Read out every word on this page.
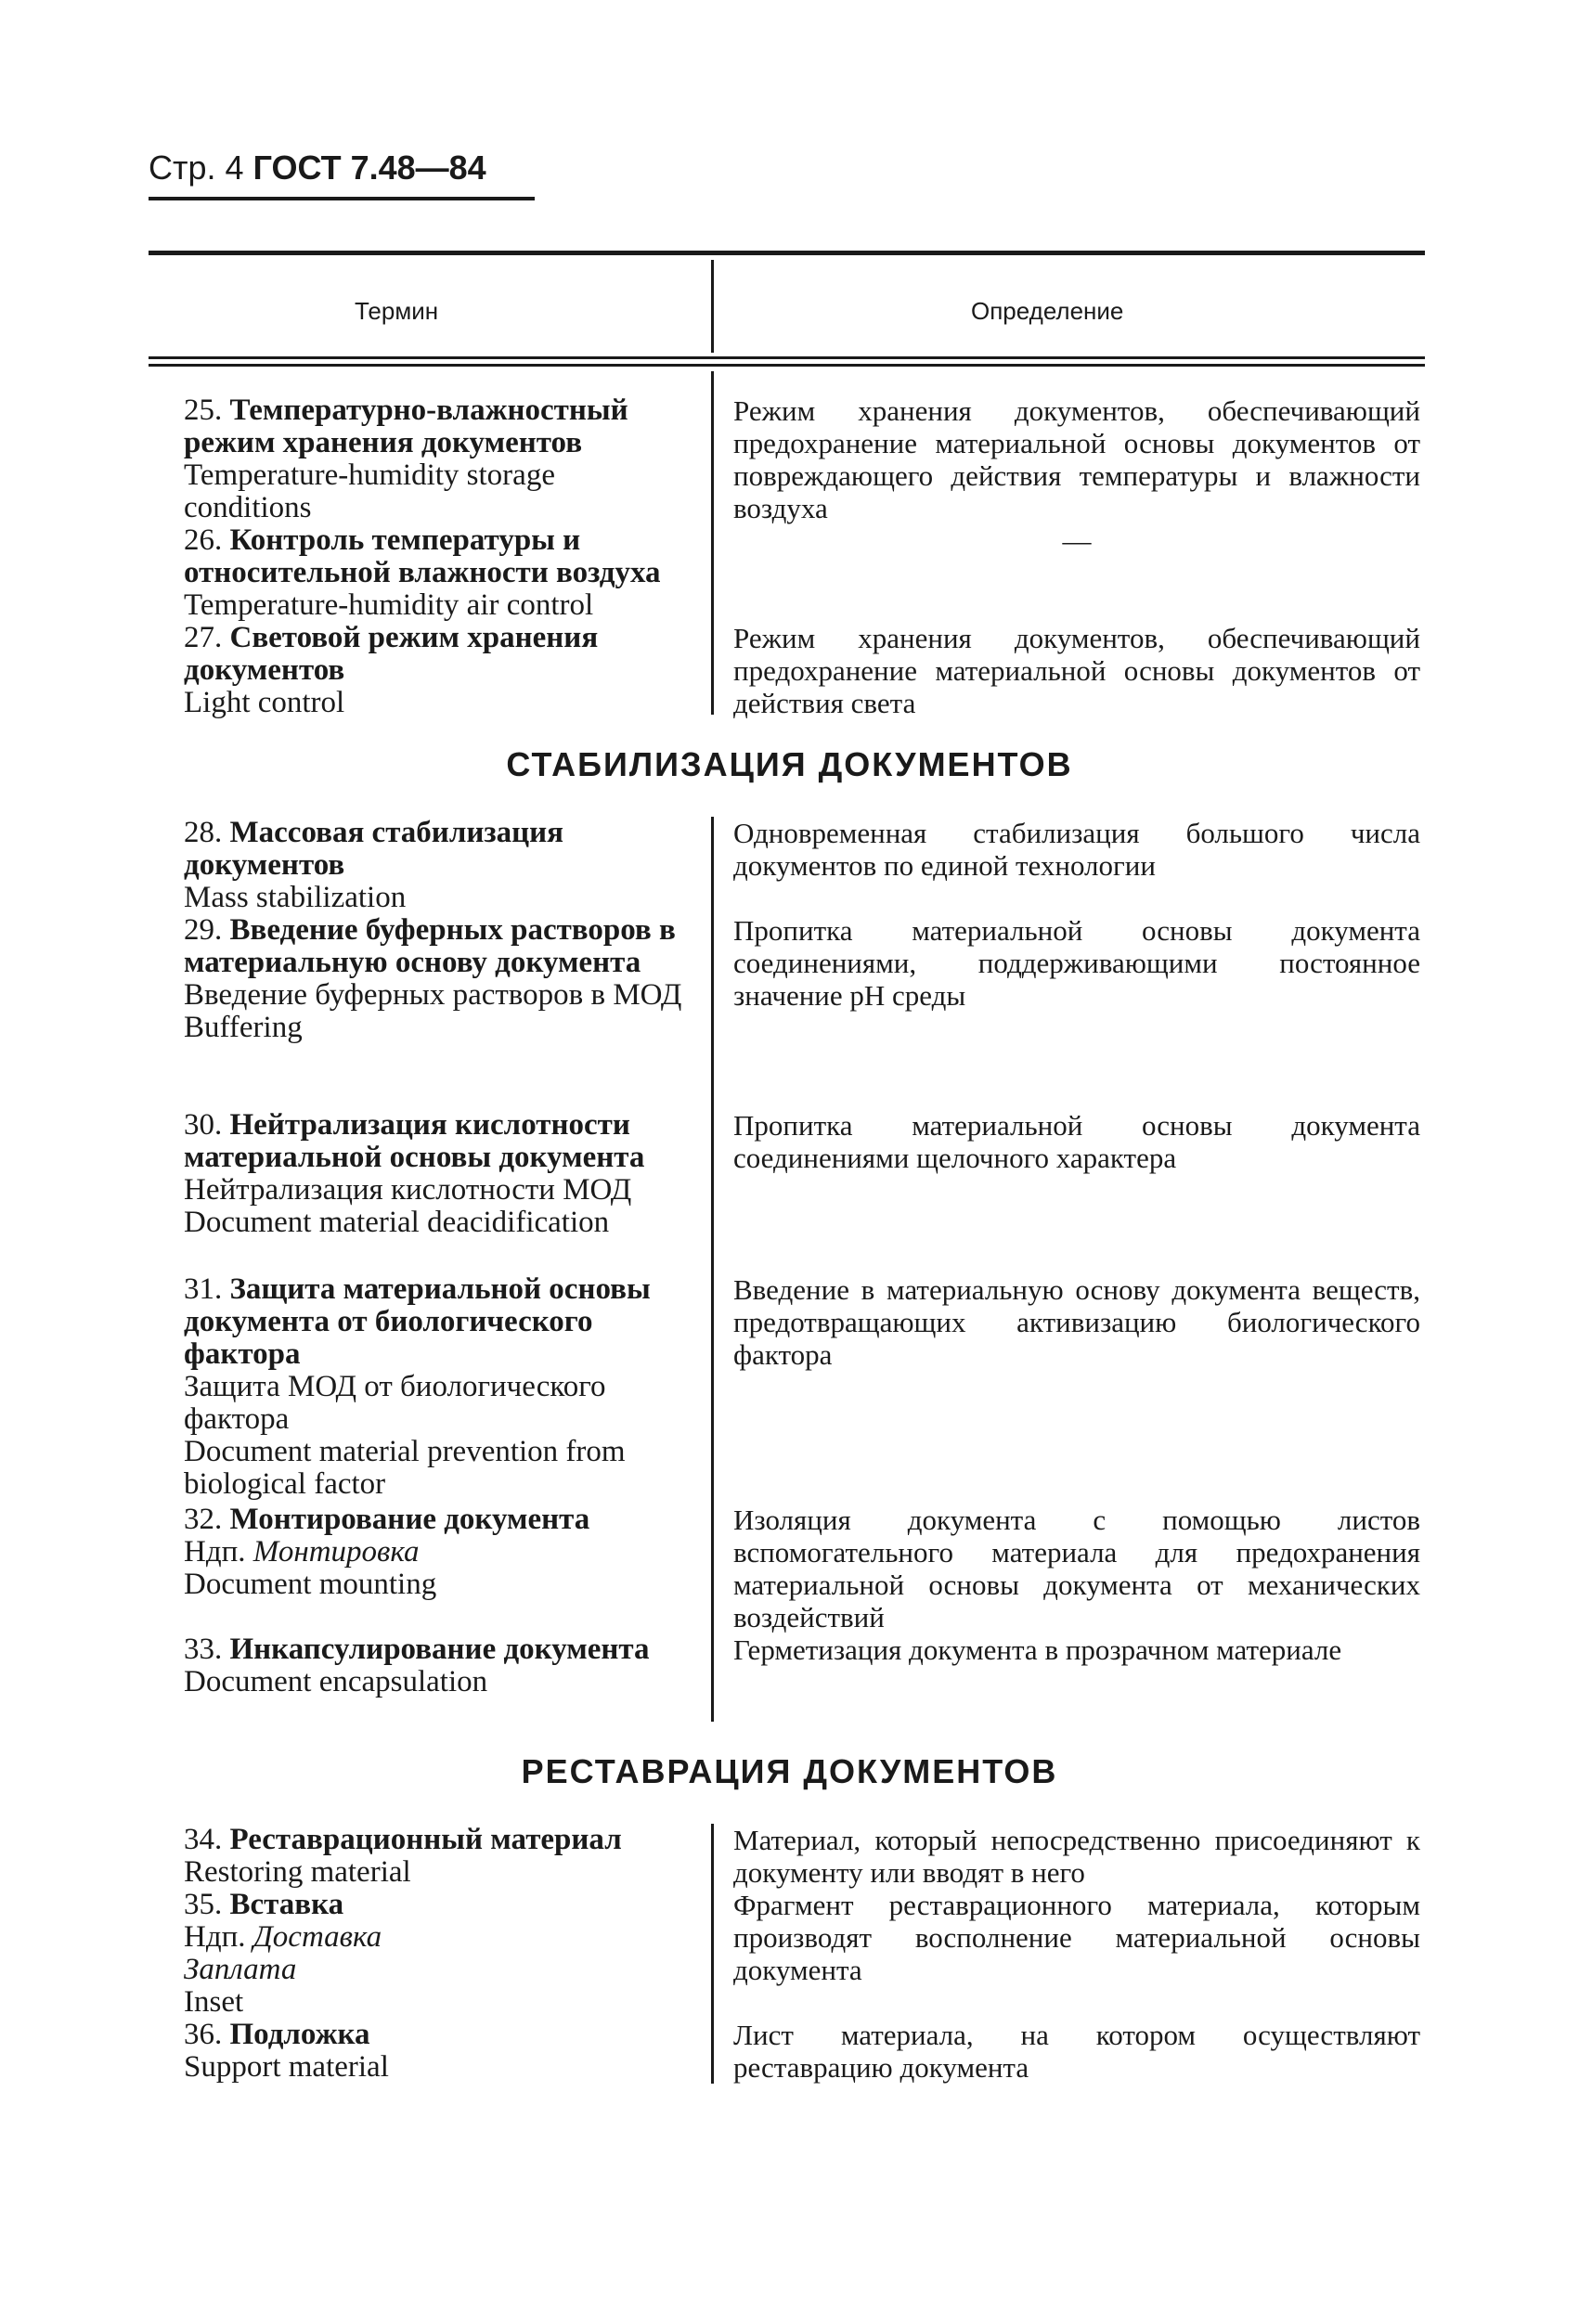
Стр. 4 ГОСТ 7.48—84
Термин	Определение
25. Температурно-влажностный режим хранения документов
Temperature-humidity storage conditions
Режим хранения документов, обеспечивающий предохранение материальной основы документов от повреждающего действия температуры и влажности воздуха
26. Контроль температуры и относительной влажности воздуха
Temperature-humidity air control
—
27. Световой режим хранения документов
Light control
Режим хранения документов, обеспечивающий предохранение материальной основы документов от действия света
СТАБИЛИЗАЦИЯ ДОКУМЕНТОВ
28. Массовая стабилизация документов
Mass stabilization
Одновременная стабилизация большого числа документов по единой технологии
29. Введение буферных растворов в материальную основу документа
Введение буферных растворов в МОД
Buffering
Пропитка материальной основы документа соединениями, поддерживающими постоянное значение pH среды
30. Нейтрализация кислотности материальной основы документа
Нейтрализация кислотности МОД
Document material deacidification
Пропитка материальной основы документа соединениями щелочного характера
31. Защита материальной основы документа от биологического фактора
Защита МОД от биологического фактора
Document material prevention from biological factor
Введение в материальную основу документа веществ, предотвращающих активизацию биологического фактора
32. Монтирование документа
Ндп. Монтировка
Document mounting
Изоляция документа с помощью листов вспомогательного материала для предохранения материальной основы документа от механических воздействий
33. Инкапсулирование документа
Document encapsulation
Герметизация документа в прозрачном материале
РЕСТАВРАЦИЯ ДОКУМЕНТОВ
34. Реставрационный материал
Restoring material
Материал, который непосредственно присоединяют к документу или вводят в него
35. Вставка
Ндп. Доставка
Заплата
Inset
Фрагмент реставрационного материала, которым производят восполнение материальной основы документа
36. Подложка
Support material
Лист материала, на котором осуществляют реставрацию документа
